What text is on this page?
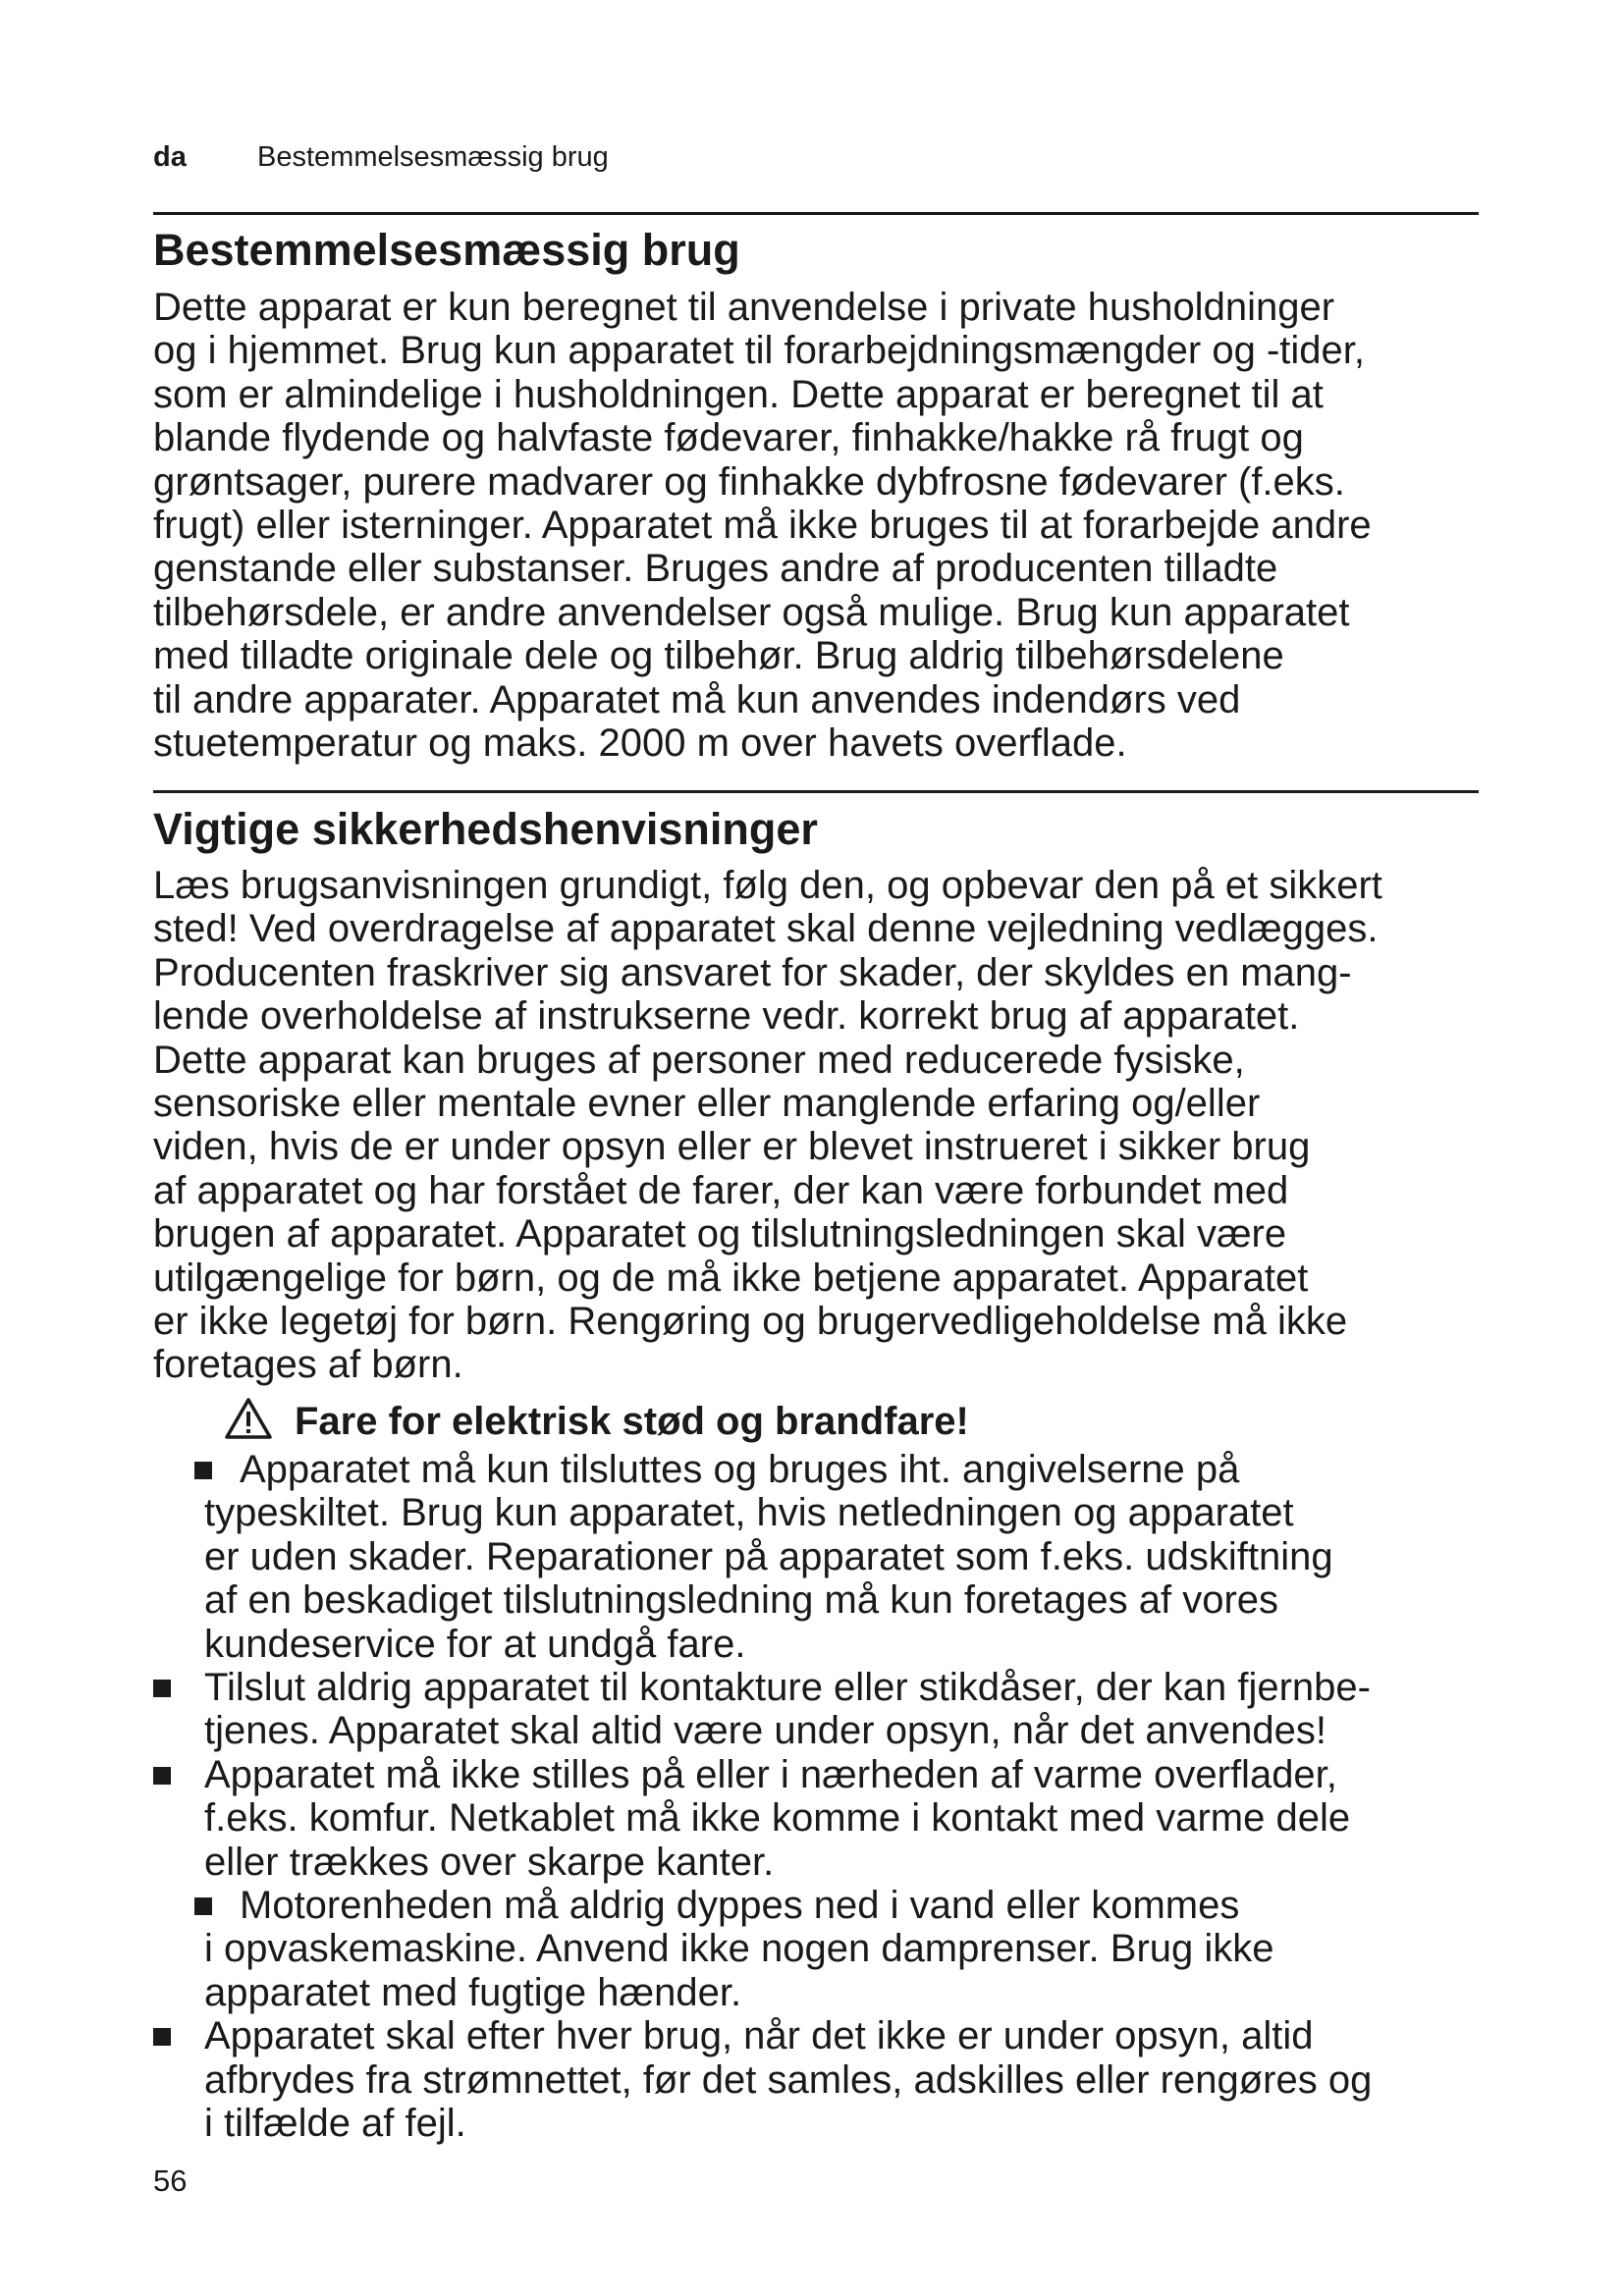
da Bestemmelsesmæssig brug
Bestemmelsesmæssig brug
Dette apparat er kun beregnet til anvendelse i private husholdninger
og i hjemmet. Brug kun apparatet til forarbejdningsmængder og -tider,
som er almindelige i husholdningen. Dette apparat er beregnet til at
blande flydende og halvfaste fødevarer, finhakke/hakke rå frugt og
grøntsager, purere madvarer og finhakke dybfrosne fødevarer (f.eks.
frugt) eller isterninger. Apparatet må ikke bruges til at forarbejde andre
genstande eller substanser. Bruges andre af producenten tilladte
tilbehørsdele, er andre anvendelser også mulige. Brug kun apparatet
med tilladte originale dele og tilbehør. Brug aldrig tilbehørsdelene
til andre apparater. Apparatet må kun anvendes indendørs ved
stuetemperatur og maks. 2000 m over havets overflade.
Vigtige sikkerhedshenvisninger
Læs brugsanvisningen grundigt, følg den, og opbevar den på et sikkert
sted! Ved overdragelse af apparatet skal denne vejledning vedlægges.
Producenten fraskriver sig ansvaret for skader, der skyldes en mang-
lende overholdelse af instrukserne vedr. korrekt brug af apparatet.
Dette apparat kan bruges af personer med reducerede fysiske,
sensoriske eller mentale evner eller manglende erfaring og/eller
viden, hvis de er under opsyn eller er blevet instrueret i sikker brug
af apparatet og har forstået de farer, der kan være forbundet med
brugen af apparatet. Apparatet og tilslutningsledningen skal være
utilgængelige for børn, og de må ikke betjene apparatet. Apparatet
er ikke legetøj for børn. Rengøring og brugervedligeholdelse må ikke
foretages af børn.
Fare for elektrisk stød og brandfare!
Apparatet må kun tilsluttes og bruges iht. angivelserne på
typeskiltet. Brug kun apparatet, hvis netledningen og apparatet
er uden skader. Reparationer på apparatet som f.eks. udskiftning
af en beskadiget tilslutningsledning må kun foretages af vores
kundeservice for at undgå fare.
Tilslut aldrig apparatet til kontakture eller stikdåser, der kan fjernbe-
tjenes. Apparatet skal altid være under opsyn, når det anvendes!
Apparatet må ikke stilles på eller i nærheden af varme overflader,
f.eks. komfur. Netkablet må ikke komme i kontakt med varme dele
eller trækkes over skarpe kanter.
Motorenheden må aldrig dyppes ned i vand eller kommes
i opvaskemaskine. Anvend ikke nogen damprenser. Brug ikke
apparatet med fugtige hænder.
Apparatet skal efter hver brug, når det ikke er under opsyn, altid
afbrydes fra strømnettet, før det samles, adskilles eller rengøres og
i tilfælde af fejl.
56
